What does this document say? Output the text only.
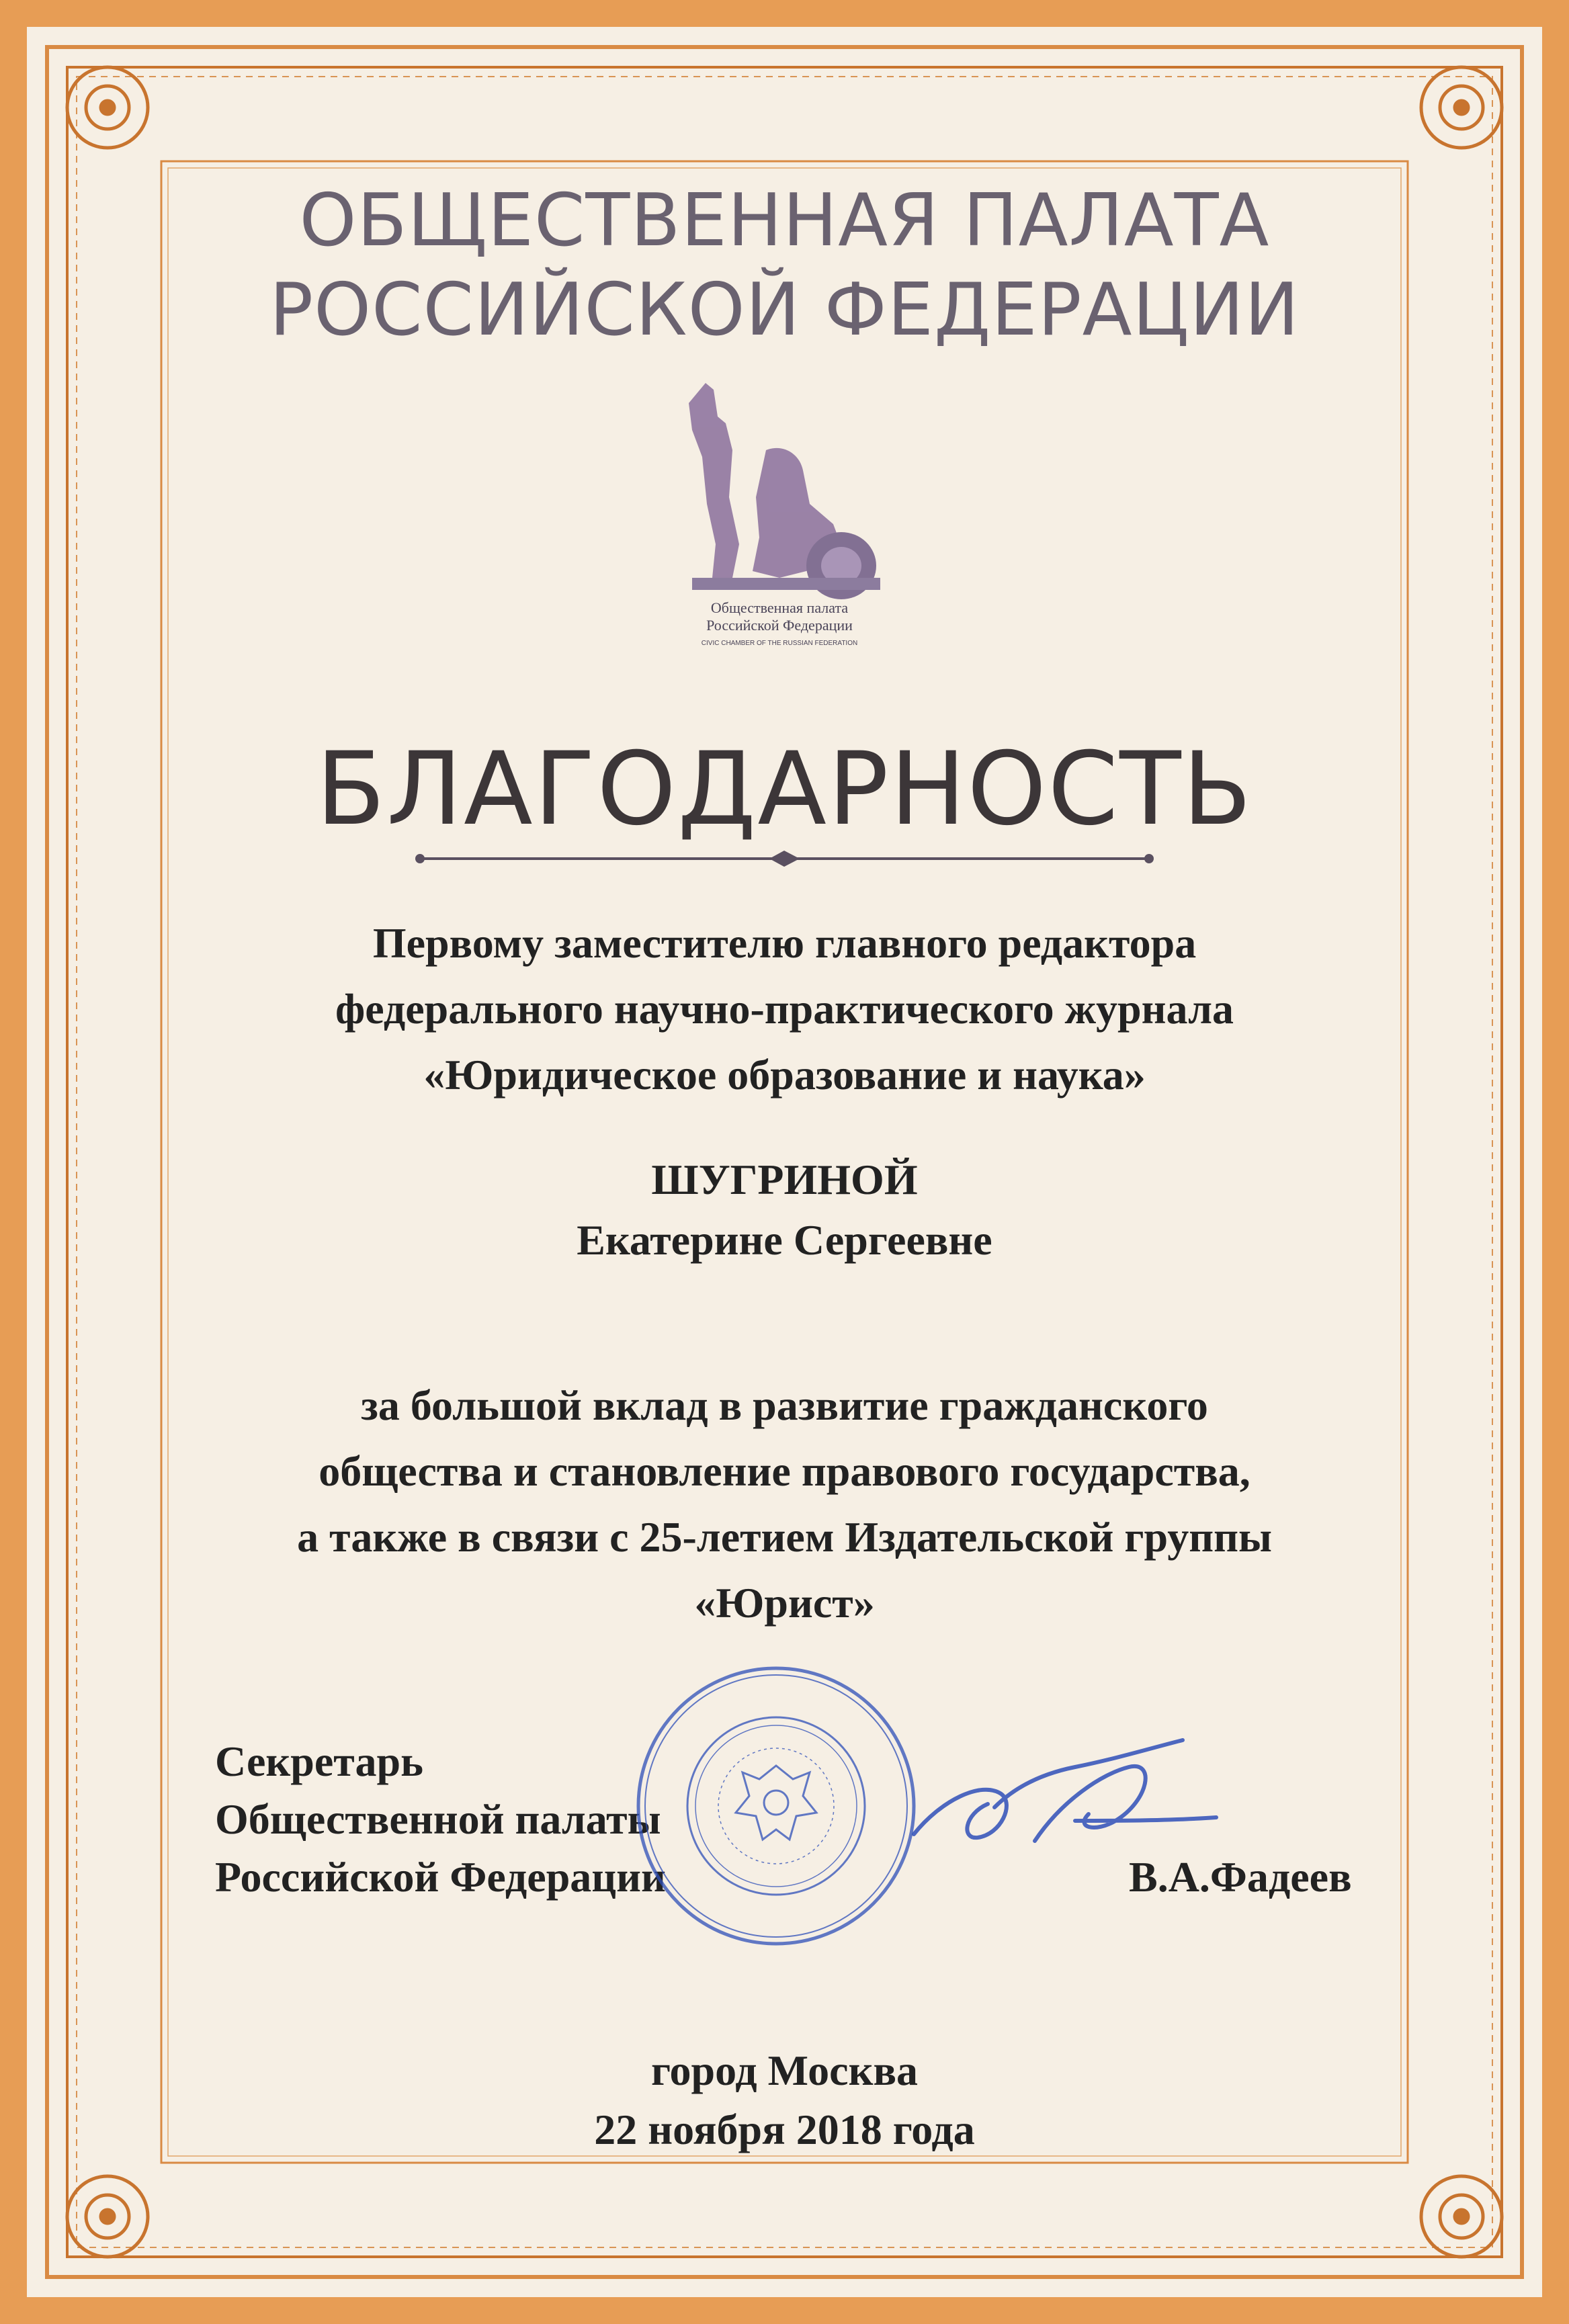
ОБЩЕСТВЕННАЯ ПАЛАТА
РОССИЙСКОЙ ФЕДЕРАЦИИ
Общественная палата
Российской Федерации
CIVIC CHAMBER OF THE RUSSIAN FEDERATION
БЛАГОДАРНОСТЬ
Первому заместителю главного редактора
федерального научно-практического журнала
«Юридическое образование и наука»
ШУГРИНОЙ
Екатерине Сергеевне
за большой вклад в развитие гражданского
общества и становление правового государства,
а также в связи с 25-летием Издательской группы
«Юрист»
Секретарь
Общественной палаты
Российской Федерации	В.А.Фадеев
город Москва
22 ноября 2018 года
